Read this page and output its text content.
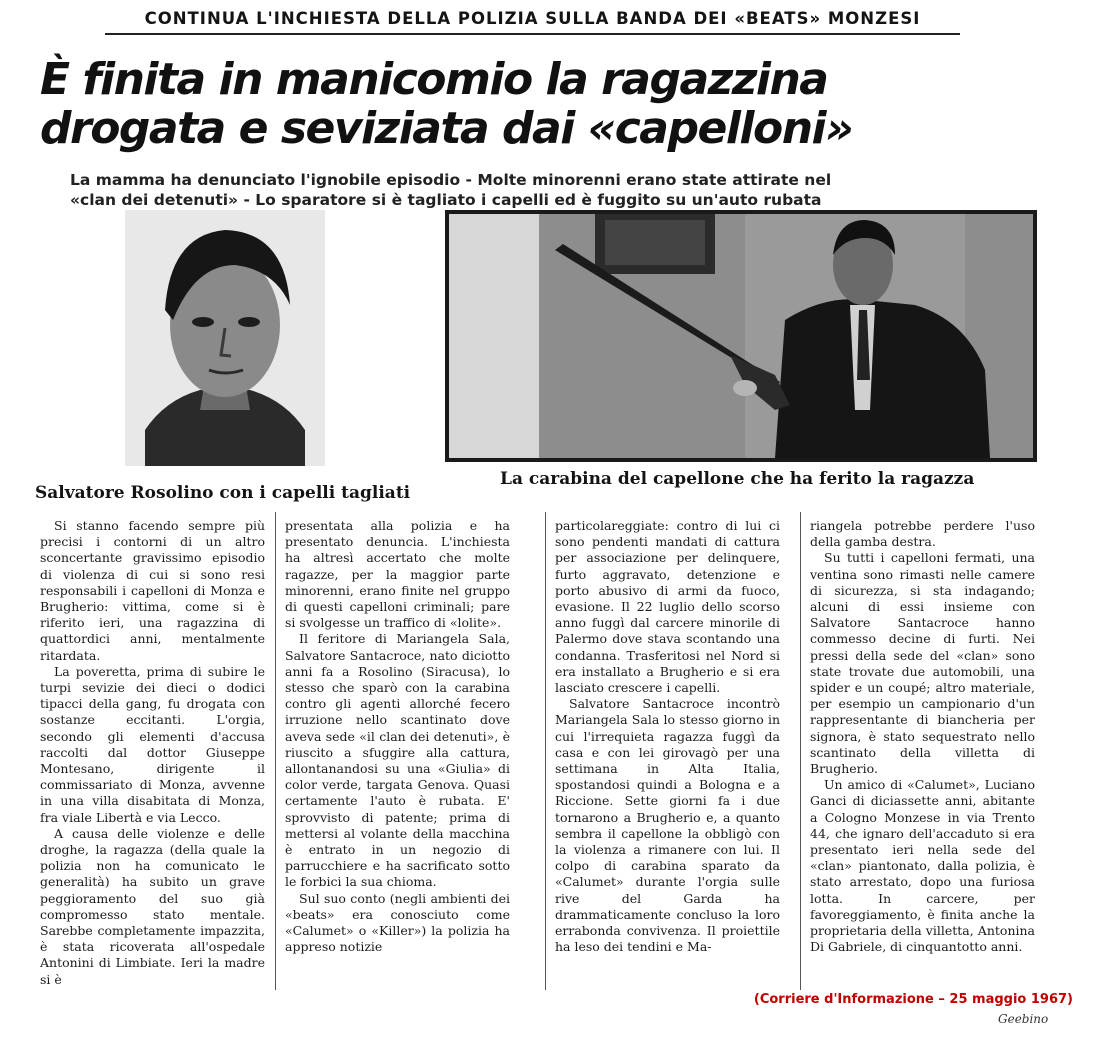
CONTINUA L'INCHIESTA DELLA POLIZIA SULLA BANDA DEI «BEATS» MONZESI
È finita in manicomio la ragazzina
drogata e seviziata dai «capelloni»
La mamma ha denunciato l'ignobile episodio - Molte minorenni erano state attirate nel
«clan dei detenuti» - Lo sparatore si è tagliato i capelli ed è fuggito su un'auto rubata
Salvatore Rosolino con i capelli tagliati
La carabina del capellone che ha ferito la ragazza

Si stanno facendo sempre più precisi i contorni di un altro sconcertante gravissimo episodio di violenza di cui si sono resi responsabili i capelloni di Monza e Brugherio: vittima, come si è riferito ieri, una ragazzina di quattordici anni, mentalmente ritardata.

La poveretta, prima di subire le turpi sevizie dei dieci o dodici tipacci della gang, fu drogata con sostanze eccitanti. L'orgia, secondo gli elementi d'accusa raccolti dal dottor Giuseppe Montesano, dirigente il commissariato di Monza, avvenne in una villa disabitata di Monza, fra viale Libertà e via Lecco.

A causa delle violenze e delle droghe, la ragazza (della quale la polizia non ha comunicato le generalità) ha subito un grave peggioramento del suo già compromesso stato mentale. Sarebbe completamente impazzita, è stata ricoverata all'ospedale Antonini di Limbiate. Ieri la madre si è

presentata alla polizia e ha presentato denuncia. L'inchiesta ha altresì accertato che molte ragazze, per la maggior parte minorenni, erano finite nel gruppo di questi capelloni criminali; pare si svolgesse un traffico di «lolite».

Il feritore di Mariangela Sala, Salvatore Santacroce, nato diciotto anni fa a Rosolino (Siracusa), lo stesso che sparò con la carabina contro gli agenti allorché fecero irruzione nello scantinato dove aveva sede «il clan dei detenuti», è riuscito a sfuggire alla cattura, allontanandosi su una «Giulia» di color verde, targata Genova. Quasi certamente l'auto è rubata. E' sprovvisto di patente; prima di mettersi al volante della macchina è entrato in un negozio di parrucchiere e ha sacrificato sotto le forbici la sua chioma.

Sul suo conto (negli ambienti dei «beats» era conosciuto come «Calumet» o «Killer») la polizia ha appreso notizie

particolareggiate: contro di lui ci sono pendenti mandati di cattura per associazione per delinquere, furto aggravato, detenzione e porto abusivo di armi da fuoco, evasione. Il 22 luglio dello scorso anno fuggì dal carcere minorile di Palermo dove stava scontando una condanna. Trasferitosi nel Nord si era installato a Brugherio e si era lasciato crescere i capelli.

Salvatore Santacroce incontrò Mariangela Sala lo stesso giorno in cui l'irrequieta ragazza fuggì da casa e con lei girovagò per una settimana in Alta Italia, spostandosi quindi a Bologna e a Riccione. Sette giorni fa i due tornarono a Brugherio e, a quanto sembra il capellone la obbligò con la violenza a rimanere con lui. Il colpo di carabina sparato da «Calumet» durante l'orgia sulle rive del Garda ha drammaticamente concluso la loro errabonda convivenza. Il proiettile ha leso dei tendini e Ma-

riangela potrebbe perdere l'uso della gamba destra.

Su tutti i capelloni fermati, una ventina sono rimasti nelle camere di sicurezza, si sta indagando; alcuni di essi insieme con Salvatore Santacroce hanno commesso decine di furti. Nei pressi della sede del «clan» sono state trovate due automobili, una spider e un coupé; altro materiale, per esempio un campionario d'un rappresentante di biancheria per signora, è stato sequestrato nello scantinato della villetta di Brugherio.

Un amico di «Calumet», Luciano Ganci di diciassette anni, abitante a Cologno Monzese in via Trento 44, che ignaro dell'accaduto si era presentato ieri nella sede del «clan» piantonato, dalla polizia, è stato arrestato, dopo una furiosa lotta. In carcere, per favoreggiamento, è finita anche la proprietaria della villetta, Antonina Di Gabriele, di cinquantotto anni.

(Corriere d'Informazione – 25 maggio 1967)
Geebino
